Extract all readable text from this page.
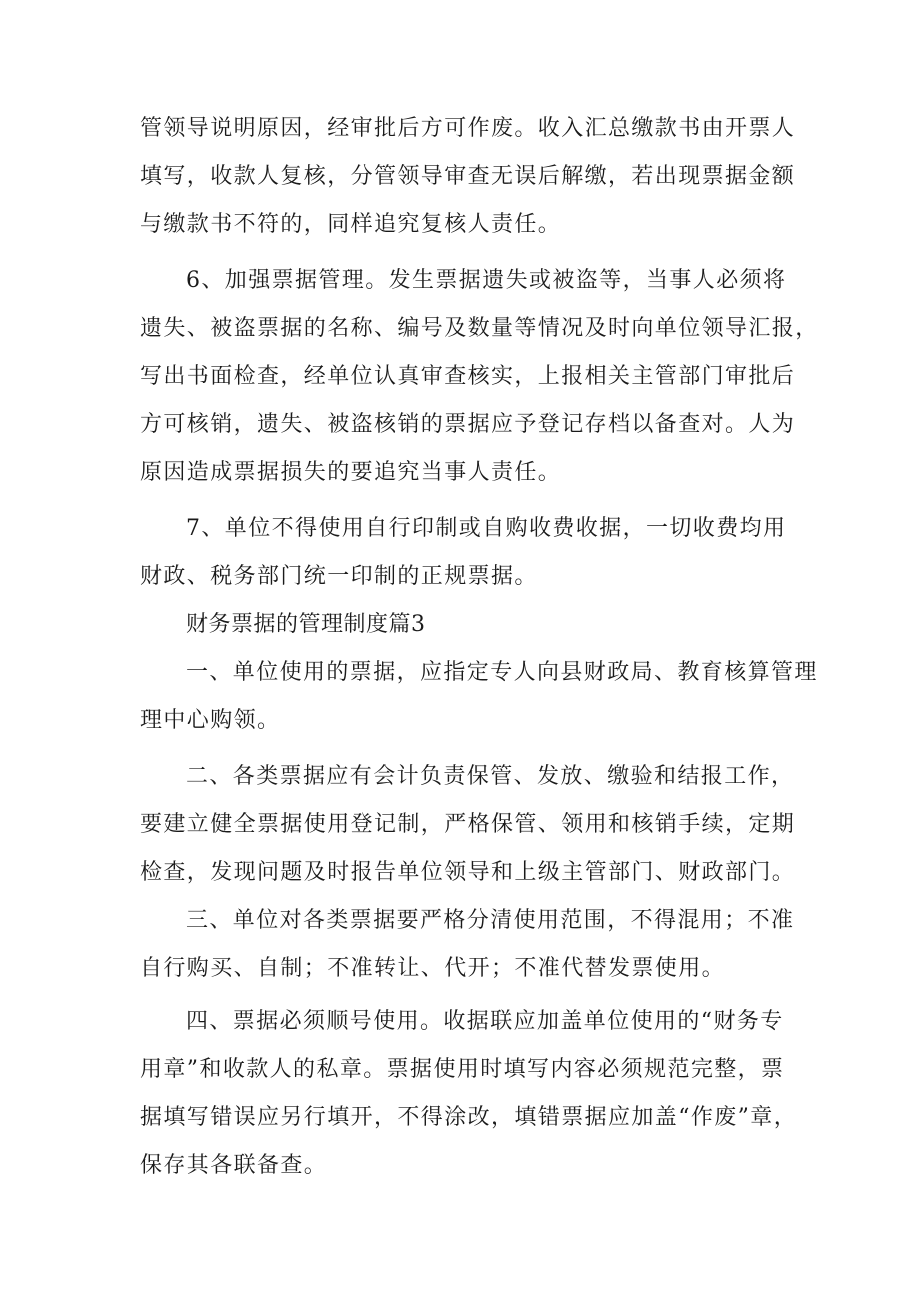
管领导说明原因，经审批后方可作废。收入汇总缴款书由开票人
填写，收款人复核，分管领导审查无误后解缴，若出现票据金额
与缴款书不符的，同样追究复核人责任。
6、加强票据管理。发生票据遗失或被盗等，当事人必须将
遗失、被盗票据的名称、编号及数量等情况及时向单位领导汇报，
写出书面检查，经单位认真审查核实，上报相关主管部门审批后
方可核销，遗失、被盗核销的票据应予登记存档以备查对。人为
原因造成票据损失的要追究当事人责任。
7、单位不得使用自行印制或自购收费收据，一切收费均用
财政、税务部门统一印制的正规票据。
财务票据的管理制度篇3
一、单位使用的票据，应指定专人向县财政局、教育核算管理
理中心购领。
二、各类票据应有会计负责保管、发放、缴验和结报工作，
要建立健全票据使用登记制，严格保管、领用和核销手续，定期
检查，发现问题及时报告单位领导和上级主管部门、财政部门。
三、单位对各类票据要严格分清使用范围，不得混用；不准
自行购买、自制；不准转让、代开；不准代替发票使用。
四、票据必须顺号使用。收据联应加盖单位使用的“财务专
用章”和收款人的私章。票据使用时填写内容必须规范完整，票
据填写错误应另行填开，不得涂改，填错票据应加盖“作废”章，
保存其各联备查。
